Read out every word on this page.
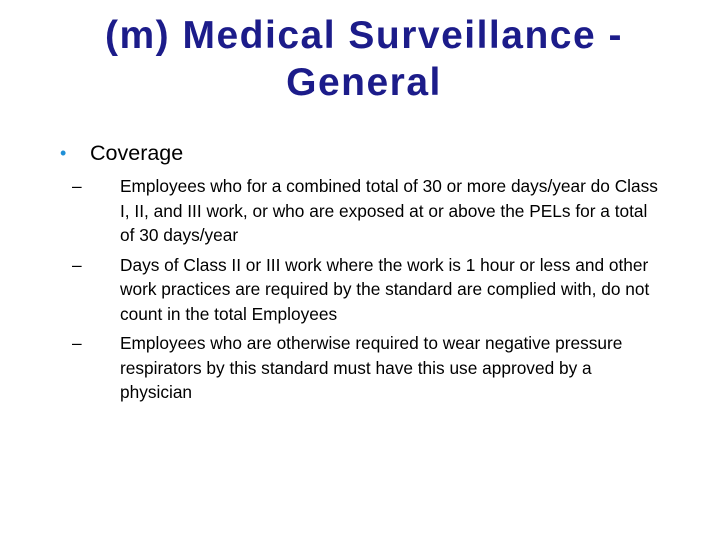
(m) Medical Surveillance -
General
• Coverage
– Employees who for a combined total of 30 or more days/year do Class I, II, and III work, or who are exposed at or above the PELs for a total of 30 days/year
– Days of Class II or III work where the work is 1 hour or less and other work practices are required by the standard are complied with, do not count in the total Employees
– Employees who are otherwise required to wear negative pressure respirators by this standard must have this use approved by a physician
